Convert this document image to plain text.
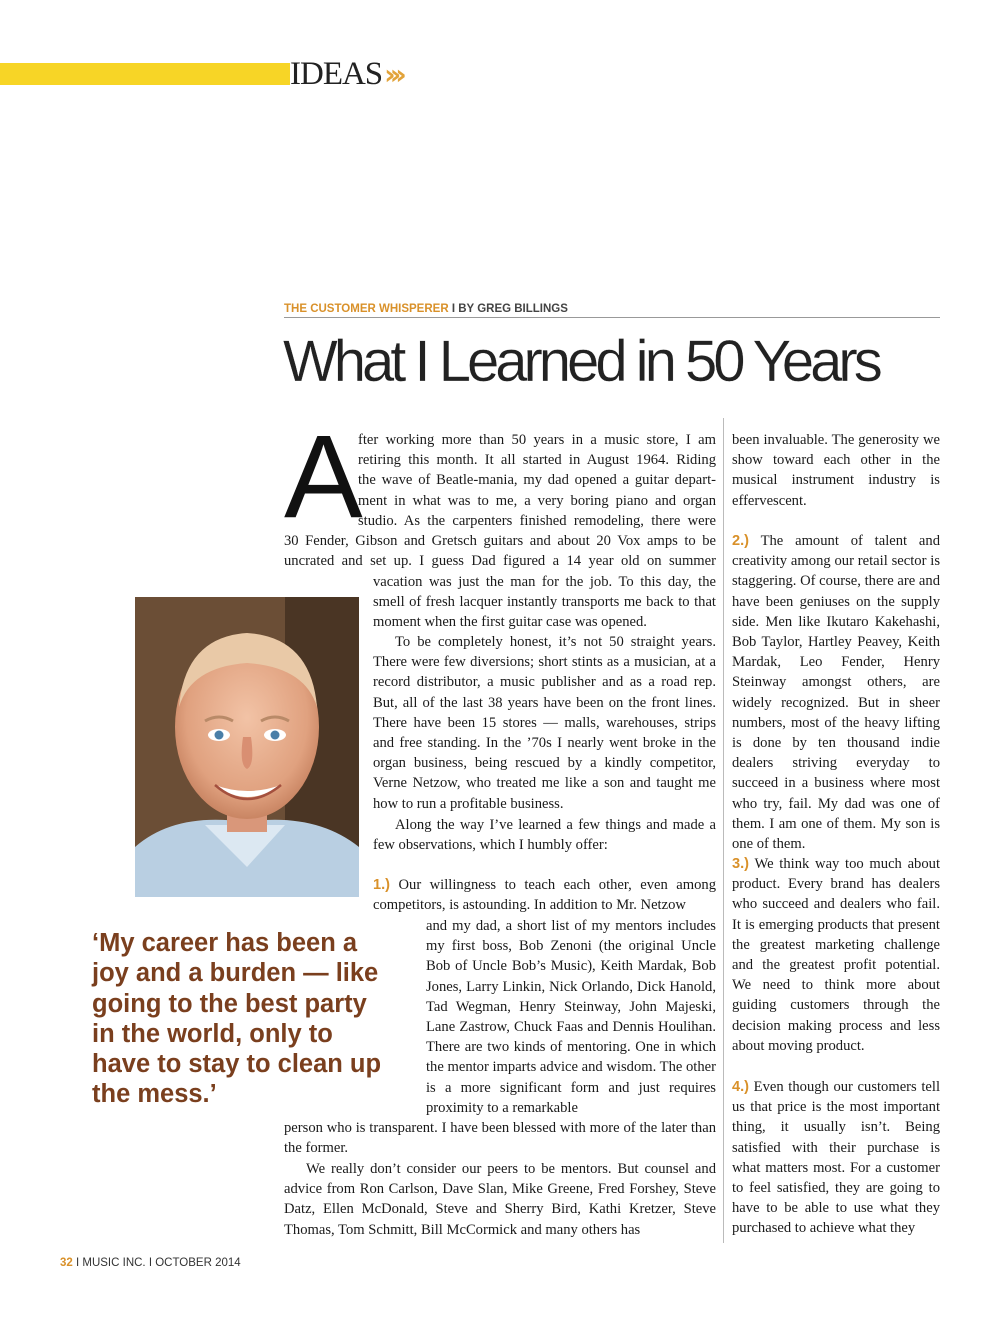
IDEAS›››
THE CUSTOMER WHISPERER I BY GREG BILLINGS
What I Learned in 50 Years
A
fter working more than 50 years in a music store, I am
retiring this month. It all started in August 1964. Riding
the wave of Beatle-mania, my dad opened a guitar depart-
ment in what was to me, a very boring piano and organ
studio. As the carpenters finished remodeling, there were
30 Fender, Gibson and Gretsch guitars and about 20 Vox amps to be
uncrated and set up. I guess Dad figured a 14 year old on summer

vacation was just the man for the job. To this day, the smell of fresh lacquer instantly transports me back to that moment when the first guitar case was opened.

To be completely honest, it’s not 50 straight years. There were few diversions; short stints as a musician, at a record distributor, a music publisher and as a road rep. But, all of the last 38 years have been on the front lines. There have been 15 stores — malls, warehouses, strips and free standing. In the ’70s I nearly went broke in the organ business, being rescued by a kindly competitor, Verne Netzow, who treated me like a son and taught me how to run a profitable business.

Along the way I’ve learned a few things and made a few observations, which I humbly offer:

1.) Our willingness to teach each other, even among competitors, is astounding. In addition to Mr. Netzow

and my dad, a short list of my mentors includes my first boss, Bob Zenoni (the original Uncle Bob of Uncle Bob’s Music), Keith Mardak, Bob Jones, Larry Linkin, Nick Orlando, Dick Hanold, Tad Wegman, Henry Steinway, John Majeski, Lane Zastrow, Chuck Faas and Dennis Houlihan. There are two kinds of mentoring. One in which the mentor imparts advice and wisdom. The other is a more significant form and just requires proximity to a remarkable

person who is transparent. I have been blessed with more of the later than the former.

We really don’t consider our peers to be mentors. But counsel and advice from Ron Carlson, Dave Slan, Mike Greene, Fred Forshey, Steve Datz, Ellen McDonald, Steve and Sherry Bird, Kathi Kretzer, Steve Thomas, Tom Schmitt, Bill McCormick and many others has

‘My career has been a joy and a burden — like going to the best party in the world, only to have to stay to clean up the mess.’

been invaluable. The generosity we show toward each other in the musical instrument industry is effervescent.

2.) The amount of talent and creativity among our retail sector is staggering. Of course, there are and have been geniuses on the supply side. Men like Ikutaro Kakehashi, Bob Taylor, Hartley Peavey, Keith Mardak, Leo Fender, Henry Steinway amongst others, are widely recognized. But in sheer numbers, most of the heavy lifting is done by ten thousand indie dealers striving everyday to succeed in a business where most who try, fail. My dad was one of them. I am one of them. My son is one of them.

3.) We think way too much about product. Every brand has dealers who succeed and dealers who fail. It is emerging products that present the greatest marketing challenge and the greatest profit potential. We need to think more about guiding customers through the decision making process and less about moving product.

4.) Even though our customers tell us that price is the most important thing, it usually isn’t. Being satisfied with their purchase is what matters most. For a customer to feel satisfied, they are going to have to be able to use what they purchased to achieve what they

32 I MUSIC INC. I OCTOBER 2014
